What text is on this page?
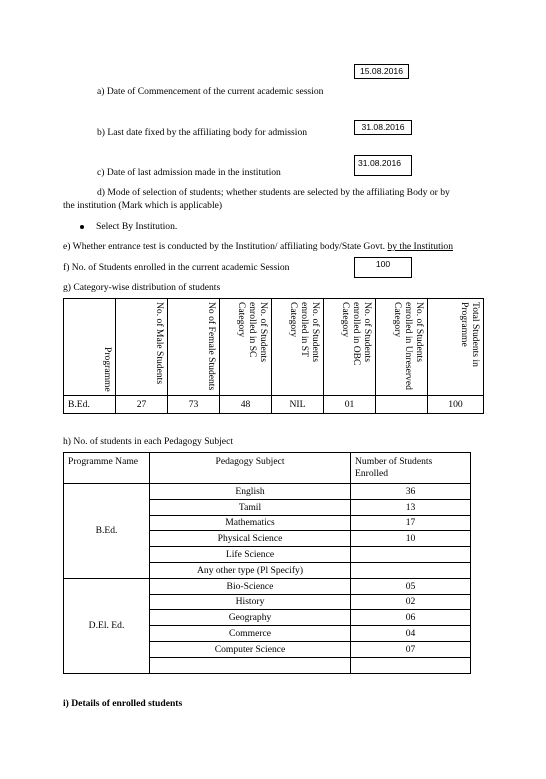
15.08.2016
a) Date of Commencement of the current academic session
31.08.2016
b) Last date fixed by the affiliating body for admission
31.08.2016
c) Date of last admission made in the institution
d) Mode of selection of students; whether students are selected by the affiliating Body or by
the institution (Mark which is applicable)
Select By Institution.
e) Whether entrance test is conducted by the Institution/ affiliating body/State Govt. by the Institution
f) No. of Students enrolled in the current academic Session	100
g) Category-wise distribution of students
Programme	No. of Male Students	No of Female Students	No. of Students enrolled in SC Category	No. of Students enrolled in ST Category	No. of Students enrolled in OBC Category	No. of Students enrolled in Unreserved Category	Total Students in Programme
B.Ed.	27	73	48	NIL	01		100
h) No. of students in each Pedagogy Subject
Programme Name	Pedagogy Subject	Number of Students Enrolled
B.Ed.	English	36
	Tamil	13
	Mathematics	17
	Physical Science	10
	Life Science	
	Any other type (Pl Specify)	
D.El. Ed.	Bio-Science	05
	History	02
	Geography	06
	Commerce	04
	Computer Science	07

i) Details of enrolled students
